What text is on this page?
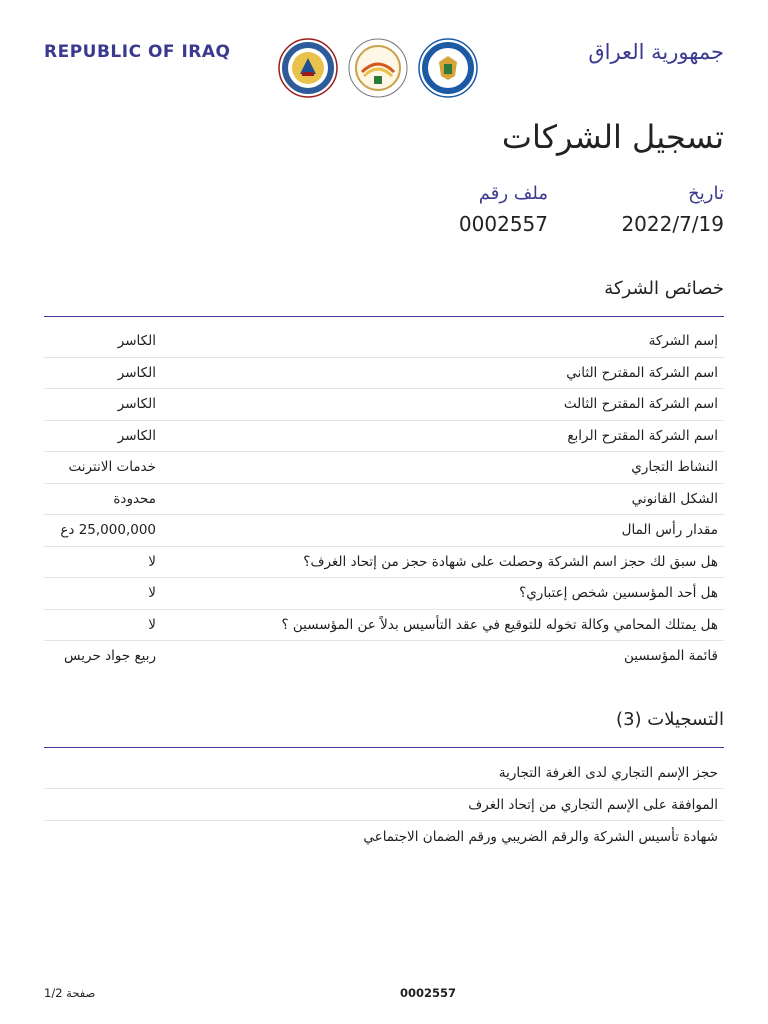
REPUBLIC OF IRAQ	جمهورية العراق
تسجيل الشركات
تاريخ
ملف رقم
2022/7/19
0002557
خصائص الشركة
إسم الشركة
الكاسر
اسم الشركة المقترح الثاني
الكاسر
اسم الشركة المقترح الثالث
الكاسر
اسم الشركة المقترح الرابع
الكاسر
النشاط التجاري
خدمات الانترنت
الشكل القانوني
محدودة
مقدار رأس المال
25,000,000 دع
هل سبق لك حجز اسم الشركة وحصلت على شهادة حجز من إتحاد الغرف؟
لا
هل أحد المؤسسين شخص إعتباري؟
لا
هل يمتلك المحامي وكالة تخوله للتوقيع في عقد التأسيس بدلاً عن المؤسسين ؟
لا
قائمة المؤسسين
ربيع جواد حريس
التسجيلات (3)
حجز الإسم التجاري لدى الغرفة التجارية
الموافقة على الإسم التجاري من إتحاد الغرف
شهادة تأسيس الشركة والرقم الضريبي ورقم الضمان الاجتماعي
صفحة 1/2	0002557
